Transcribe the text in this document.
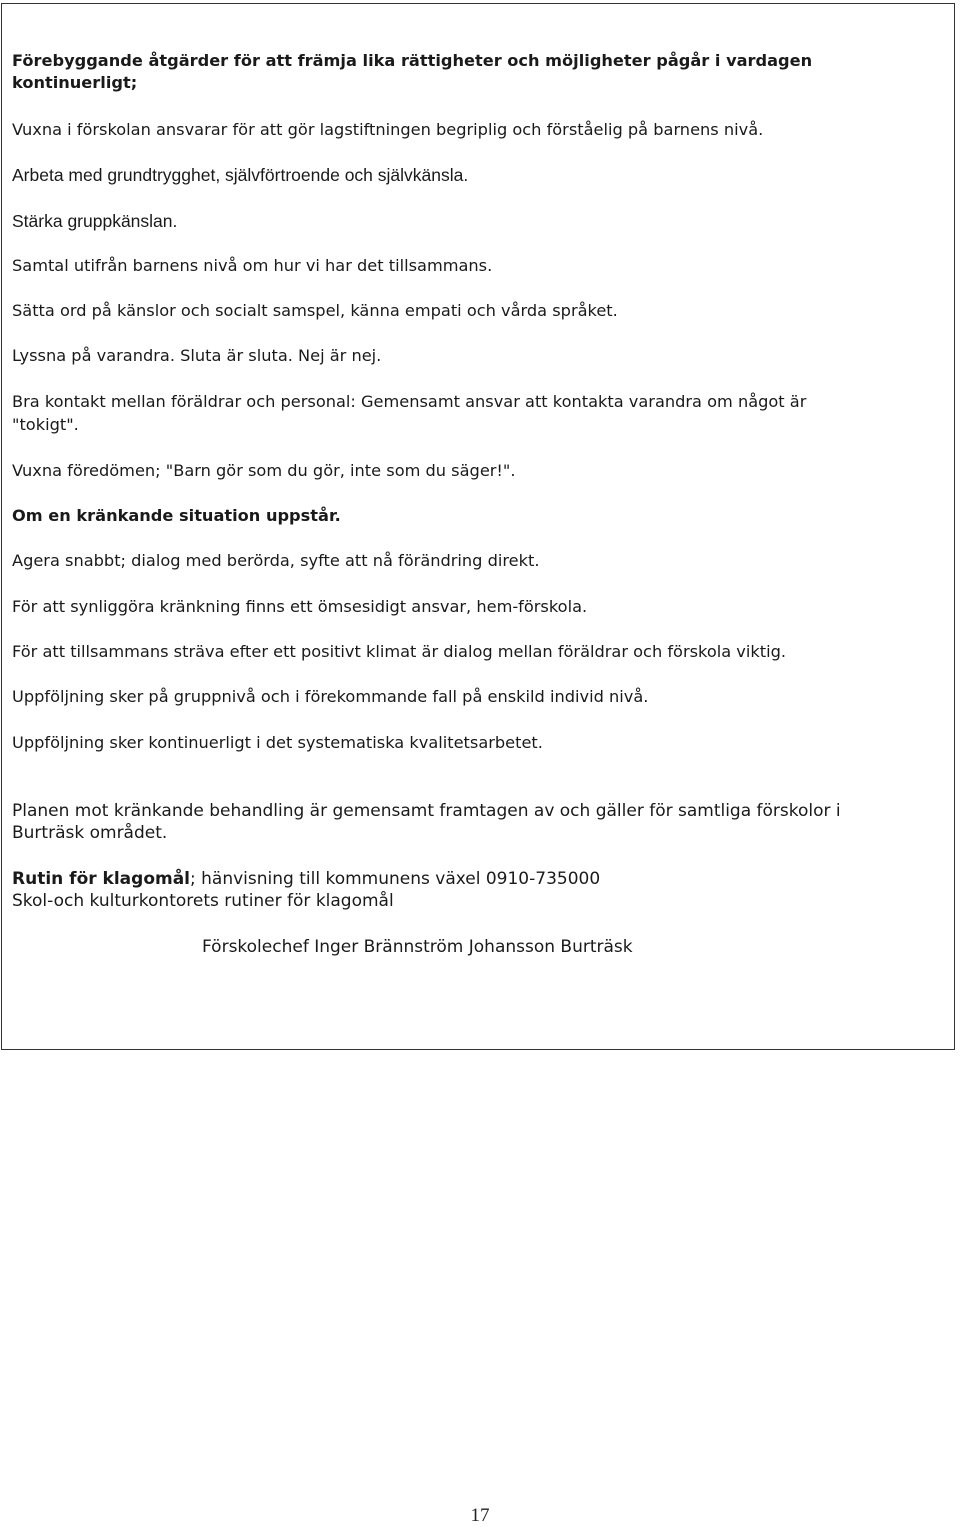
Förebyggande åtgärder för att främja lika rättigheter och möjligheter pågår i vardagen
kontinuerligt;
Vuxna i förskolan ansvarar för att gör lagstiftningen begriplig och förståelig på barnens nivå.
Arbeta med grundtrygghet, självförtroende och självkänsla.
Stärka gruppkänslan.
Samtal utifrån barnens nivå om hur vi har det tillsammans.
Sätta ord på känslor och socialt samspel, känna empati och vårda språket.
Lyssna på varandra. Sluta är sluta. Nej är nej.
Bra kontakt mellan föräldrar och personal: Gemensamt ansvar att kontakta varandra om något är
"tokigt".
Vuxna föredömen; "Barn gör som du gör, inte som du säger!".
Om en kränkande situation uppstår.
Agera snabbt; dialog med berörda, syfte att nå förändring direkt.
För att synliggöra kränkning finns ett ömsesidigt ansvar, hem-förskola.
För att tillsammans sträva efter ett positivt klimat är dialog mellan föräldrar och förskola viktig.
Uppföljning sker på gruppnivå och i förekommande fall på enskild individ nivå.
Uppföljning sker kontinuerligt i det systematiska kvalitetsarbetet.
Planen mot kränkande behandling är gemensamt framtagen av och gäller för samtliga förskolor i
Burträsk området.
Rutin för klagomål; hänvisning till kommunens växel 0910-735000
Skol-och kulturkontorets rutiner för klagomål
Förskolechef Inger Brännström Johansson Burträsk
17
